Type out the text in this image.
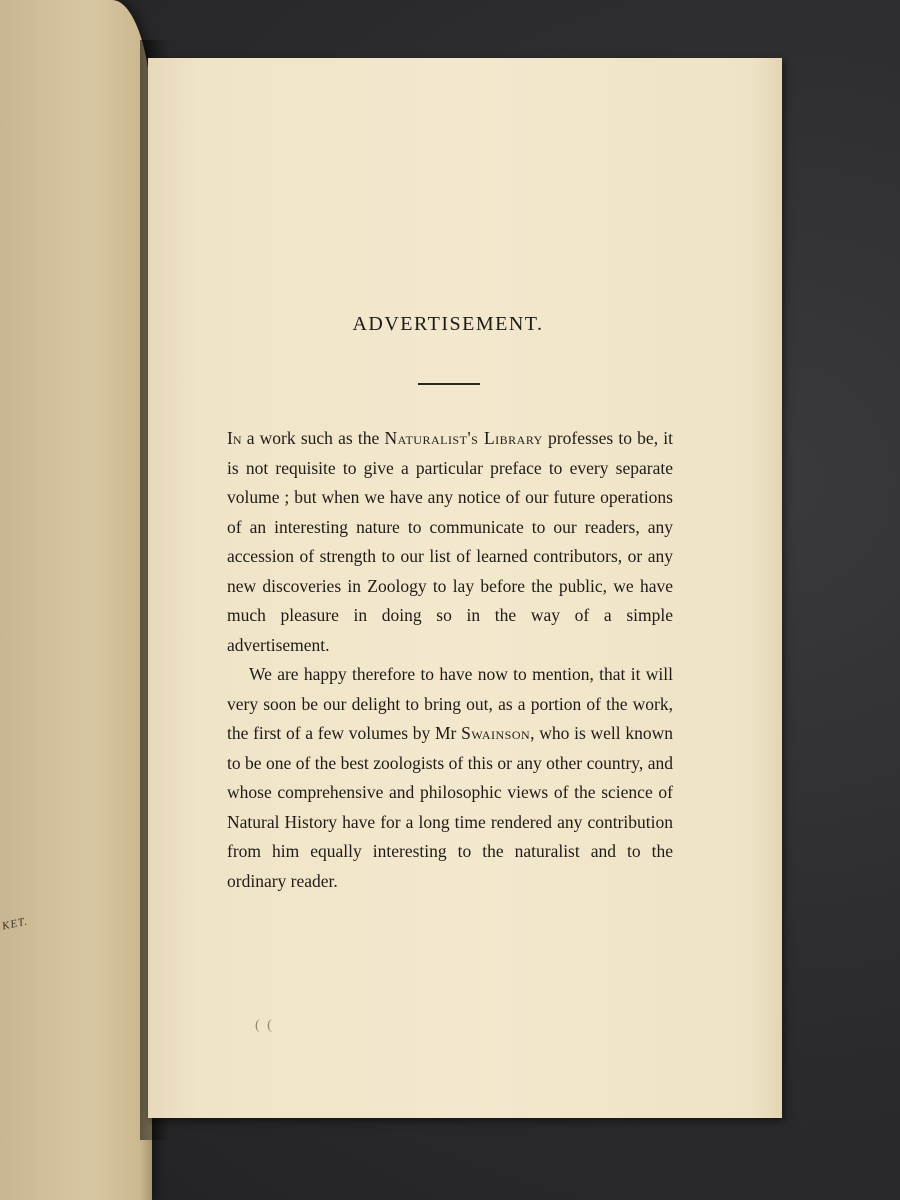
KET.
ADVERTISEMENT.

In a work such as the Naturalist's Library professes to be, it is not requisite to give a particular preface to every separate volume ; but when we have any notice of our future operations of an interesting nature to communicate to our readers, any accession of strength to our list of learned contributors, or any new discoveries in Zoology to lay before the public, we have much pleasure in doing so in the way of a simple advertisement.

We are happy therefore to have now to mention, that it will very soon be our delight to bring out, as a portion of the work, the first of a few volumes by Mr Swainson, who is well known to be one of the best zoologists of this or any other country, and whose comprehensive and philosophic views of the science of Natural History have for a long time rendered any contribution from him equally interesting to the naturalist and to the ordinary reader.

( (
